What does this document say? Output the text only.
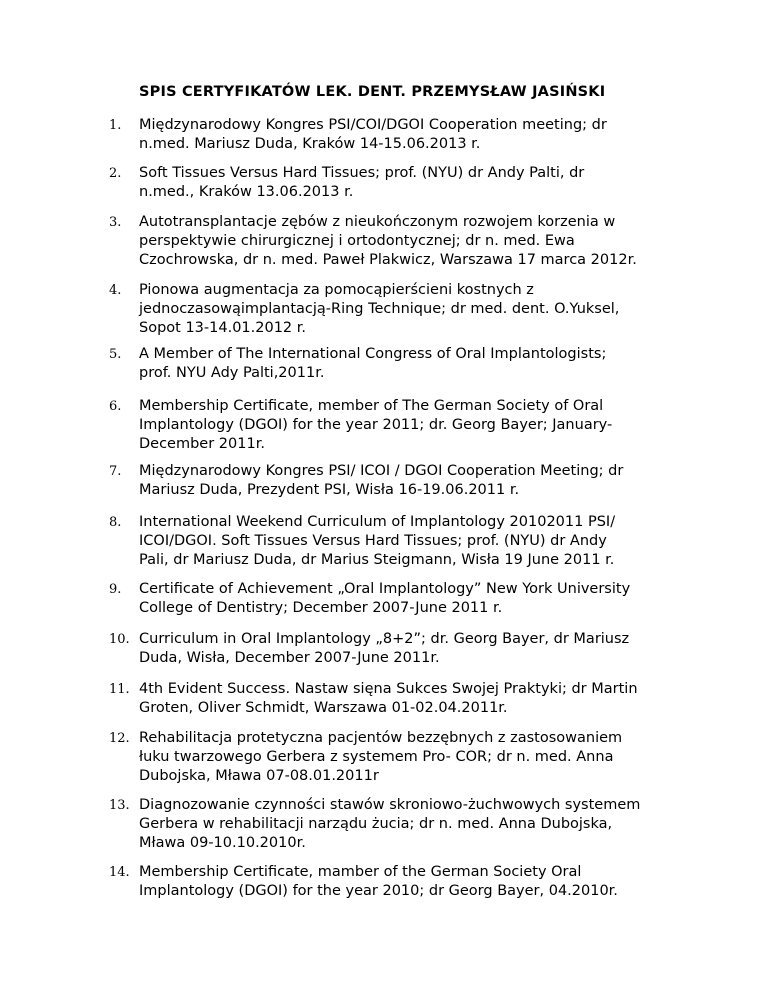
SPIS CERTYFIKATÓW LEK. DENT. PRZEMYSŁAW JASIŃSKI
1. Międzynarodowy Kongres PSI/COI/DGOI Cooperation meeting; dr
n.med. Mariusz Duda, Kraków 14-15.06.2013 r.

2. Soft Tissues Versus Hard Tissues; prof. (NYU) dr Andy Palti, dr
n.med., Kraków 13.06.2013 r.

3. Autotransplantacje zębów z nieukończonym rozwojem korzenia w
perspektywie chirurgicznej i ortodontycznej; dr n. med. Ewa
Czochrowska, dr n. med. Paweł Plakwicz, Warszawa 17 marca 2012r.

4. Pionowa augmentacja za pomocąpierścieni kostnych z
jednoczasowąimplantacją-Ring Technique; dr med. dent. O.Yuksel,
Sopot 13-14.01.2012 r.

5. A Member of The International Congress of Oral Implantologists;
prof. NYU Ady Palti,2011r.

6. Membership Certificate, member of The German Society of Oral
Implantology (DGOI) for the year 2011; dr. Georg Bayer; January-
December 2011r.

7. Międzynarodowy Kongres PSI/ ICOI / DGOI Cooperation Meeting; dr
Mariusz Duda, Prezydent PSI, Wisła 16-19.06.2011 r.

8. International Weekend Curriculum of Implantology 20102011 PSI/
ICOI/DGOI. Soft Tissues Versus Hard Tissues; prof. (NYU) dr Andy
Pali, dr Mariusz Duda, dr Marius Steigmann, Wisła 19 June 2011 r.

9. Certificate of Achievement „Oral Implantology” New York University
College of Dentistry; December 2007-June 2011 r.

10. Curriculum in Oral Implantology „8+2”; dr. Georg Bayer, dr Mariusz
Duda, Wisła, December 2007-June 2011r.

11. 4th Evident Success. Nastaw sięna Sukces Swojej Praktyki; dr Martin
Groten, Oliver Schmidt, Warszawa 01-02.04.2011r.

12. Rehabilitacja protetyczna pacjentów bezzębnych z zastosowaniem
łuku twarzowego Gerbera z systemem Pro- COR; dr n. med. Anna
Dubojska, Mława 07-08.01.2011r

13. Diagnozowanie czynności stawów skroniowo-żuchwowych systemem
Gerbera w rehabilitacji narządu żucia; dr n. med. Anna Dubojska,
Mława 09-10.10.2010r.

14. Membership Certificate, mamber of the German Society Oral
Implantology (DGOI) for the year 2010; dr Georg Bayer, 04.2010r.
